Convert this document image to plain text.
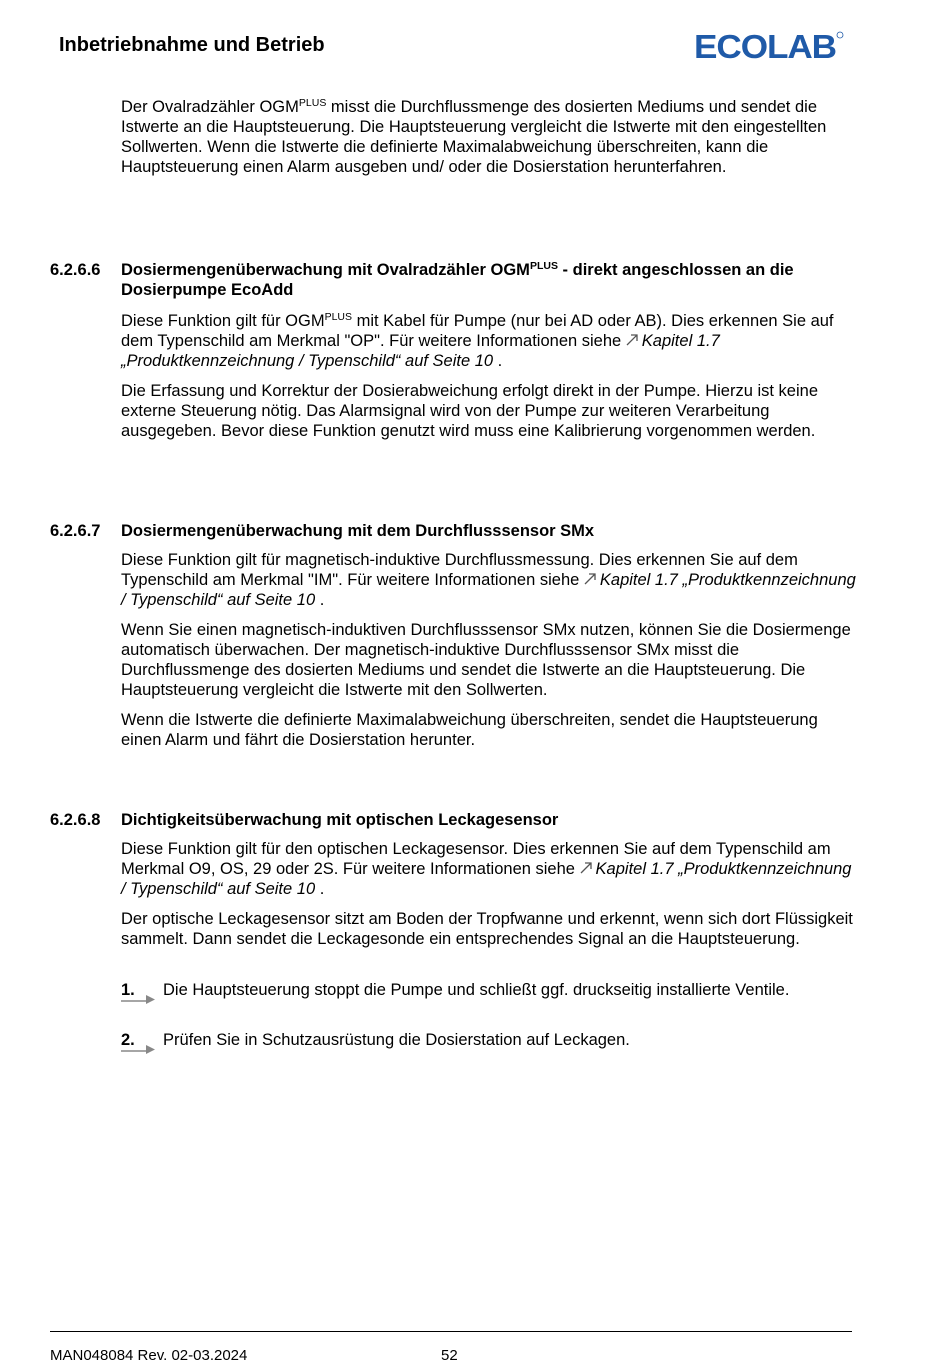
Inbetriebnahme und Betrieb	ECOLAB
Der Ovalradzähler $OGM^{PLUS}$ misst die Durchflussmenge des dosierten Mediums und sendet die Istwerte an die Hauptsteuerung. Die Hauptsteuerung vergleicht die Istwerte mit den eingestellten Sollwerten. Wenn die Istwerte die definierte Maximalabweichung überschreiten, kann die Hauptsteuerung einen Alarm ausgeben und/ oder die Dosierstation herunterfahren.
6.2.6.6 Dosiermengenüberwachung mit Ovalradzähler $OGM^{PLUS}$ - direkt angeschlossen an die Dosierpumpe EcoAdd

Diese Funktion gilt für $OGM^{PLUS}$ mit Kabel für Pumpe (nur bei AD oder AB). Dies erkennen Sie auf dem Typenschild am Merkmal "OP". Für weitere Informationen siehe Kapitel 1.7 „Produktkennzeichnung / Typenschild“ auf Seite 10 .

Die Erfassung und Korrektur der Dosierabweichung erfolgt direkt in der Pumpe. Hierzu ist keine externe Steuerung nötig. Das Alarmsignal wird von der Pumpe zur weiteren Verarbeitung ausgegeben. Bevor diese Funktion genutzt wird muss eine Kalibrierung vorgenommen werden.

6.2.6.7 Dosiermengenüberwachung mit dem Durchflusssensor SMx

Diese Funktion gilt für magnetisch-induktive Durchflussmessung. Dies erkennen Sie auf dem Typenschild am Merkmal "IM". Für weitere Informationen siehe Kapitel 1.7 „Produktkennzeichnung / Typenschild“ auf Seite 10 .

Wenn Sie einen magnetisch-induktiven Durchflusssensor SMx nutzen, können Sie die Dosiermenge automatisch überwachen. Der magnetisch-induktive Durchflusssensor SMx misst die Durchflussmenge des dosierten Mediums und sendet die Istwerte an die Hauptsteuerung. Die Hauptsteuerung vergleicht die Istwerte mit den Sollwerten.

Wenn die Istwerte die definierte Maximalabweichung überschreiten, sendet die Hauptsteuerung einen Alarm und fährt die Dosierstation herunter.

6.2.6.8 Dichtigkeitsüberwachung mit optischen Leckagesensor

Diese Funktion gilt für den optischen Leckagesensor. Dies erkennen Sie auf dem Typenschild am Merkmal O9, OS, 29 oder 2S. Für weitere Informationen siehe Kapitel 1.7 „Produktkennzeichnung / Typenschild“ auf Seite 10 .

Der optische Leckagesensor sitzt am Boden der Tropfwanne und erkennt, wenn sich dort Flüssigkeit sammelt. Dann sendet die Leckagesonde ein entsprechendes Signal an die Hauptsteuerung.

1. Die Hauptsteuerung stoppt die Pumpe und schließt ggf. druckseitig installierte Ventile.
2. Prüfen Sie in Schutzausrüstung die Dosierstation auf Leckagen.
MAN048084 Rev. 02-03.2024	52
